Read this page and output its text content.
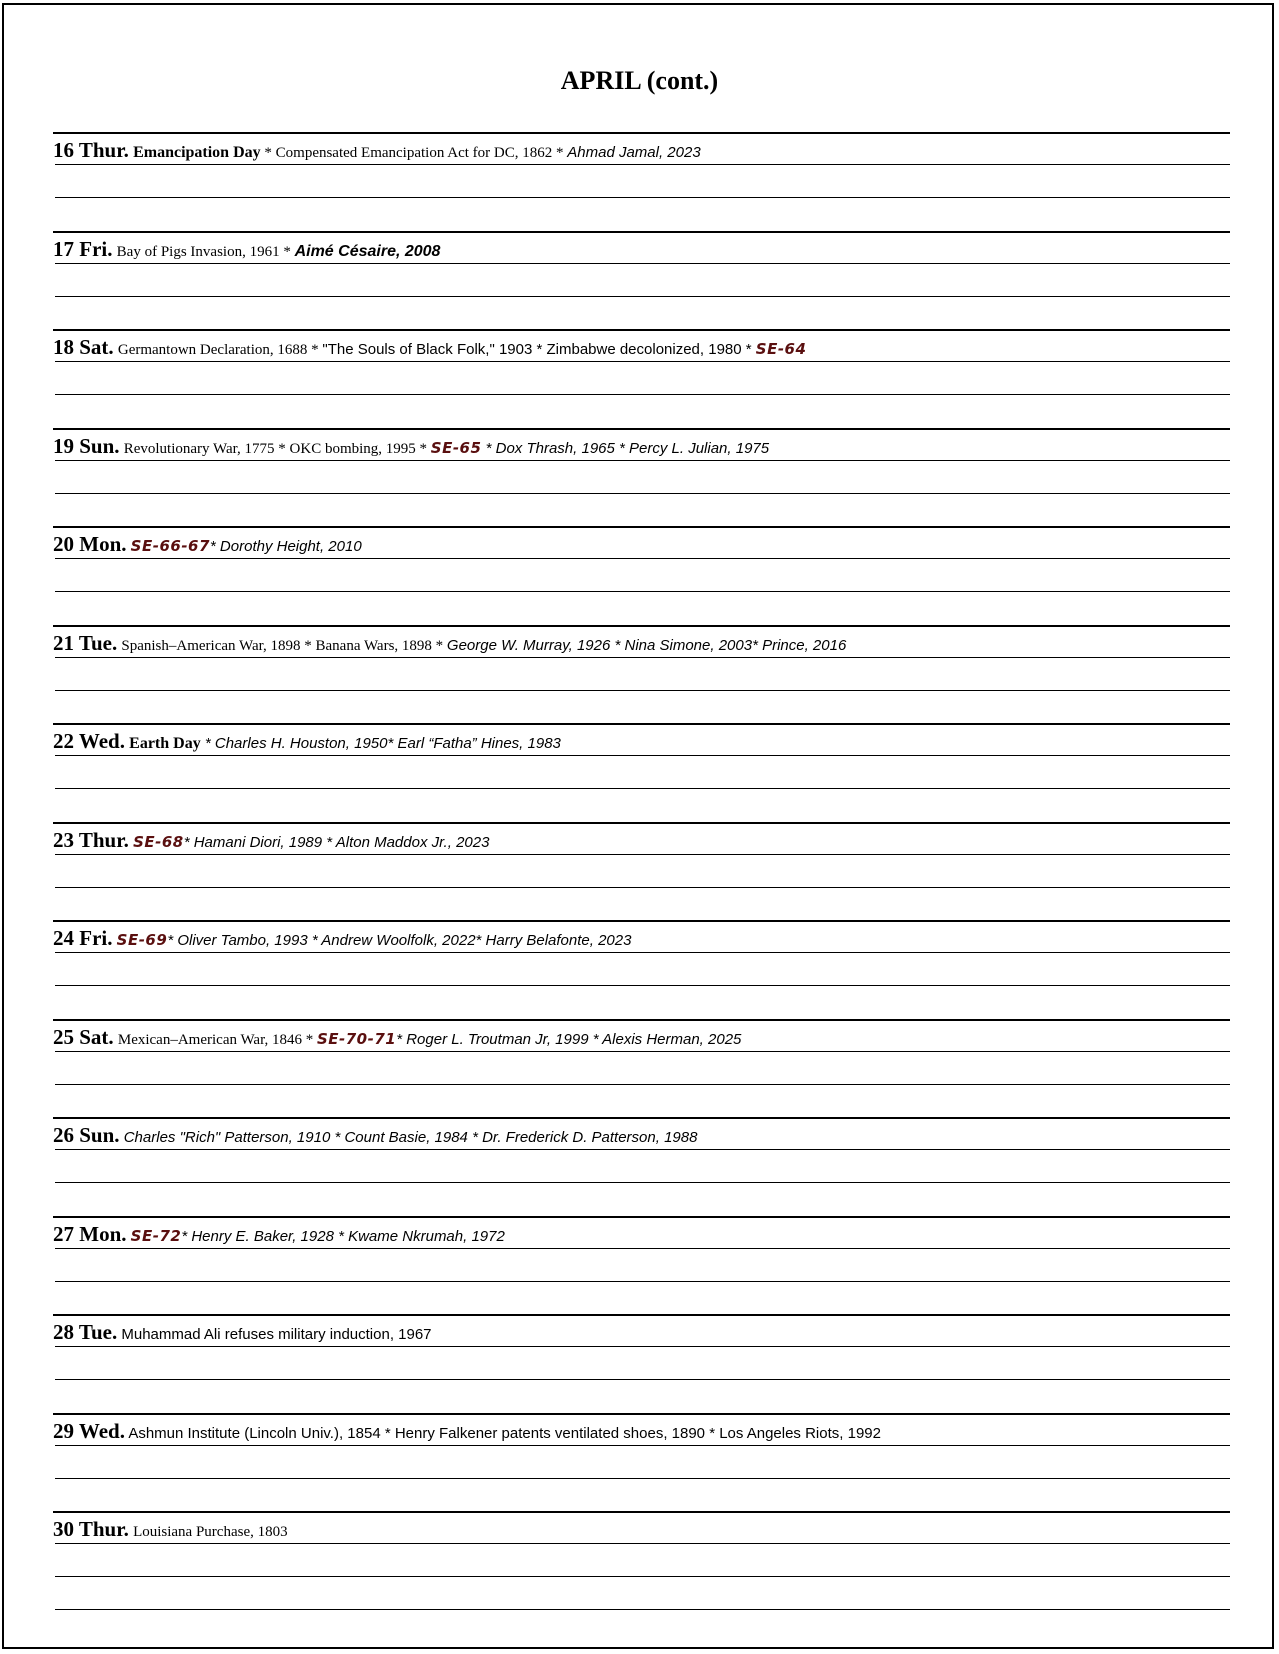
APRIL (cont.)
16 Thur. Emancipation Day * Compensated Emancipation Act for DC, 1862 * Ahmad Jamal, 2023
17 Fri. Bay of Pigs Invasion, 1961 * Aimé Césaire, 2008
18 Sat. Germantown Declaration, 1688 * "The Souls of Black Folk," 1903 * Zimbabwe decolonized, 1980 * SE-64
19 Sun. Revolutionary War, 1775 * OKC bombing, 1995 * SE-65 * Dox Thrash, 1965 * Percy L. Julian, 1975
20 Mon. SE-66-67* Dorothy Height, 2010
21 Tue. Spanish–American War, 1898 * Banana Wars, 1898 * George W. Murray, 1926 * Nina Simone, 2003* Prince, 2016
22 Wed. Earth Day * Charles H. Houston, 1950* Earl “Fatha” Hines, 1983
23 Thur. SE-68* Hamani Diori, 1989 * Alton Maddox Jr., 2023
24 Fri. SE-69* Oliver Tambo, 1993 * Andrew Woolfolk, 2022* Harry Belafonte, 2023
25 Sat. Mexican–American War, 1846 * SE-70-71* Roger L. Troutman Jr, 1999 * Alexis Herman, 2025
26 Sun. Charles "Rich" Patterson, 1910 * Count Basie, 1984 * Dr. Frederick D. Patterson, 1988
27 Mon. SE-72* Henry E. Baker, 1928 * Kwame Nkrumah, 1972
28 Tue. Muhammad Ali refuses military induction, 1967
29 Wed. Ashmun Institute (Lincoln Univ.), 1854 * Henry Falkener patents ventilated shoes, 1890 * Los Angeles Riots, 1992
30 Thur. Louisiana Purchase, 1803
